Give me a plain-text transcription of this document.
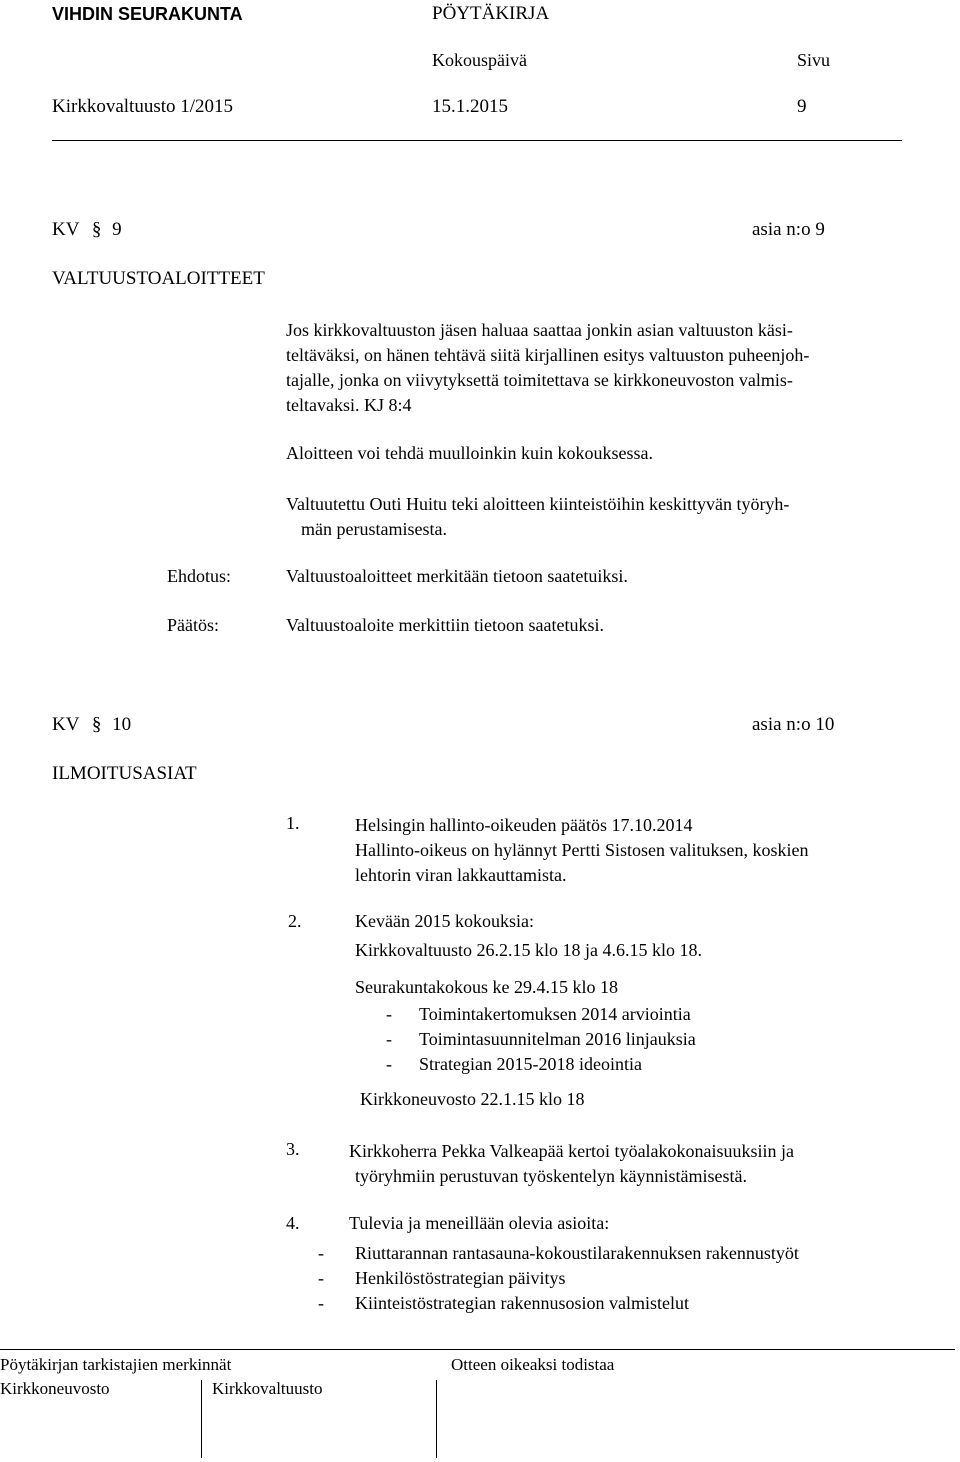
VIHDIN SEURAKUNTA	PÖYTÄKIRJA
Kokouspäivä	Sivu
Kirkkovaltuusto 1/2015	15.1.2015	9
KV § 9	asia n:o 9
VALTUUSTOALOITTEET
Jos kirkkovaltuuston jäsen haluaa saattaa jonkin asian valtuuston käsi-
teltäväksi, on hänen tehtävä siitä kirjallinen esitys valtuuston puheenjoh-
tajalle, jonka on viivytyksettä toimitettava se kirkkoneuvoston valmis-
teltavaksi. KJ 8:4
Aloitteen voi tehdä muulloinkin kuin kokouksessa.
Valtuutettu Outi Huitu teki aloitteen kiinteistöihin keskittyvän työryh-
män perustamisesta.
Ehdotus:	Valtuustoaloitteet merkitään tietoon saatetuiksi.
Päätös:	Valtuustoaloite merkittiin tietoon saatetuksi.
KV § 10	asia n:o 10
ILMOITUSASIAT
1.	Helsingin hallinto-oikeuden päätös 17.10.2014
Hallinto-oikeus on hylännyt Pertti Sistosen valituksen, koskien
lehtorin viran lakkauttamista.
2.	Kevään 2015 kokouksia:
Kirkkovaltuusto 26.2.15 klo 18 ja 4.6.15 klo 18.
Seurakuntakokous ke 29.4.15 klo 18
- Toimintakertomuksen 2014 arviointia
- Toimintasuunnitelman 2016 linjauksia
- Strategian 2015-2018 ideointia
Kirkkoneuvosto 22.1.15 klo 18
3.	Kirkkoherra Pekka Valkeapää kertoi työalakokonaisuuksiin ja
työryhmiin perustuvan työskentelyn käynnistämisestä.
4.	Tulevia ja meneillään olevia asioita:
- Riuttarannan rantasauna-kokoustilarakennuksen rakennustyöt
- Henkilöstöstrategian päivitys
- Kiinteistöstrategian rakennusosion valmistelut
Pöytäkirjan tarkistajien merkinnät	Otteen oikeaksi todistaa
Kirkkoneuvosto	Kirkkovaltuusto
